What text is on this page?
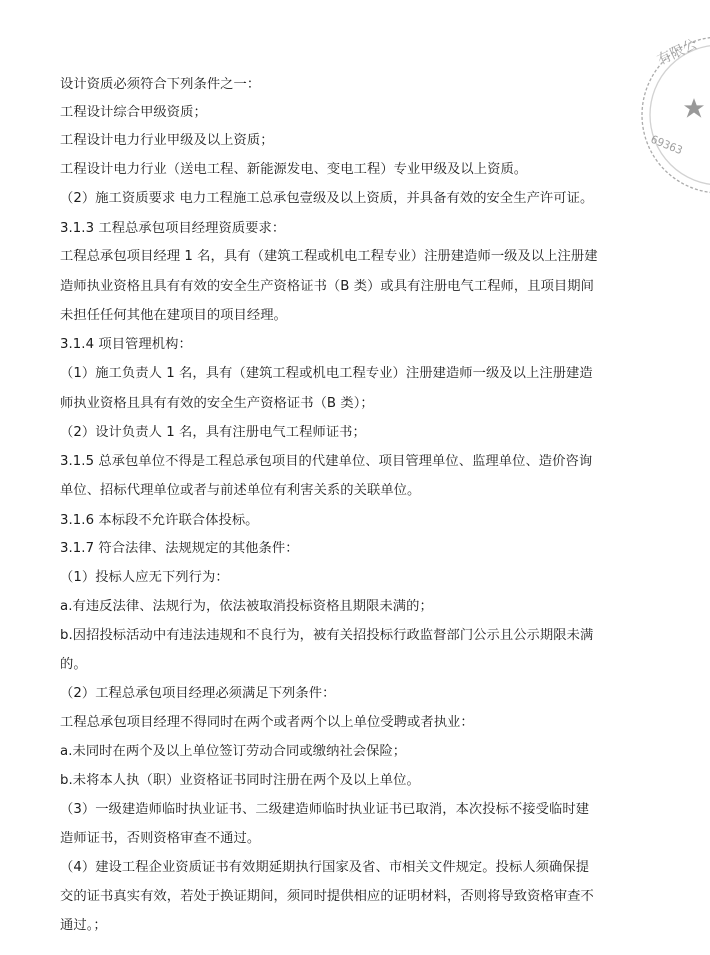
设计资质必须符合下列条件之一：
工程设计综合甲级资质；
工程设计电力行业甲级及以上资质；
工程设计电力行业（送电工程、新能源发电、变电工程）专业甲级及以上资质。
（2）施工资质要求 电力工程施工总承包壹级及以上资质，并具备有效的安全生产许可证。
3.1.3 工程总承包项目经理资质要求：
工程总承包项目经理 1 名，具有（建筑工程或机电工程专业）注册建造师一级及以上注册建
造师执业资格且具有有效的安全生产资格证书（B 类）或具有注册电气工程师，且项目期间
未担任任何其他在建项目的项目经理。
3.1.4 项目管理机构：
（1）施工负责人 1 名，具有（建筑工程或机电工程专业）注册建造师一级及以上注册建造
师执业资格且具有有效的安全生产资格证书（B 类）；
（2）设计负责人 1 名，具有注册电气工程师证书；
3.1.5 总承包单位不得是工程总承包项目的代建单位、项目管理单位、监理单位、造价咨询
单位、招标代理单位或者与前述单位有利害关系的关联单位。
3.1.6 本标段不允许联合体投标。
3.1.7 符合法律、法规规定的其他条件：
（1）投标人应无下列行为：
a.有违反法律、法规行为，依法被取消投标资格且期限未满的；
b.因招投标活动中有违法违规和不良行为，被有关招投标行政监督部门公示且公示期限未满
的。
（2）工程总承包项目经理必须满足下列条件：
工程总承包项目经理不得同时在两个或者两个以上单位受聘或者执业：
a.未同时在两个及以上单位签订劳动合同或缴纳社会保险；
b.未将本人执（职）业资格证书同时注册在两个及以上单位。
（3）一级建造师临时执业证书、二级建造师临时执业证书已取消，本次投标不接受临时建
造师证书，否则资格审查不通过。
（4）建设工程企业资质证书有效期延期执行国家及省、市相关文件规定。投标人须确保提
交的证书真实有效，若处于换证期间，须同时提供相应的证明材料，否则将导致资格审查不
通过。；
有限公
69363
